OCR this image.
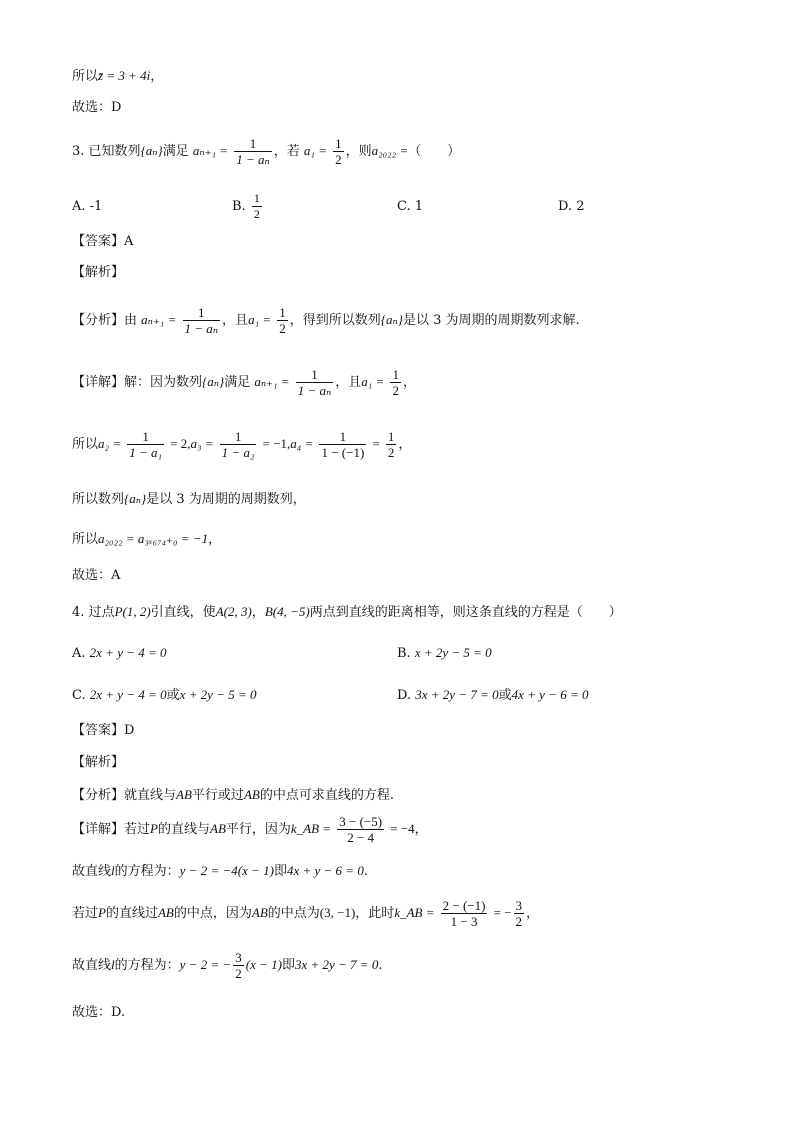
所以z̄ = 3 + 4i，
故选：D
3. 已知数列{aₙ}满足 $a_{n+1} = \frac{1}{\text{1 − aₙ}}$ ，若 $a_1 = \frac{1}{2}$ ，则a₂₀₂₂ =（　　）
A. -1	B. $\frac{1}{2}$	C. 1	D. 2
【答案】A
【解析】
【分析】由 $a_{n+1} = \frac{1}{\text{1 − aₙ}}$ ，且$a_1 = \frac{1}{2}$ ，得到所以数列{aₙ}是以 3 为周期的周期数列求解.
【详解】解：因为数列{aₙ}满足 $a_{n+1} = \frac{1}{\text{1 − aₙ}}$ ，且$a_1 = \frac{1}{2}$ ，
所以$a_2 = \frac{1}{\text{1 − a₁}} = 2,a_3 = \frac{1}{\text{1 − a₂}} = -1,a_4 = \frac{1}{1 - (-1)} = \frac{1}{2}$ ，
所以数列{aₙ}是以 3 为周期的周期数列，
所以a₂₀₂₂ = a₃ₓ₆₇₄₊₀ = −1，
故选：A
4. 过点P(1, 2)引直线，使A(2, 3)，B(4, −5)两点到直线的距离相等，则这条直线的方程是（　　）
A. 2x + y − 4 = 0	B. x + 2y − 5 = 0
C. 2x + y − 4 = 0或x + 2y − 5 = 0	D. 3x + 2y − 7 = 0或4x + y − 6 = 0
【答案】D
【解析】
【分析】就直线与AB平行或过AB的中点可求直线的方程.
【详解】若过P的直线与AB平行，因为k_AB = $\frac{3 - (-5)}{2 - 4} = -4$，
故直线l的方程为：y − 2 = −4(x − 1)即4x + y − 6 = 0.
若过P的直线过AB的中点，因为AB的中点为(3, −1)，此时k_AB = $\frac{2 - (-1)}{1 - 3}$ = − $\frac{3}{2}$ ，
故直线l的方程为：y − 2 = − $\frac{3}{2} (x - 1)$即3x + 2y − 7 = 0.
故选：D.
